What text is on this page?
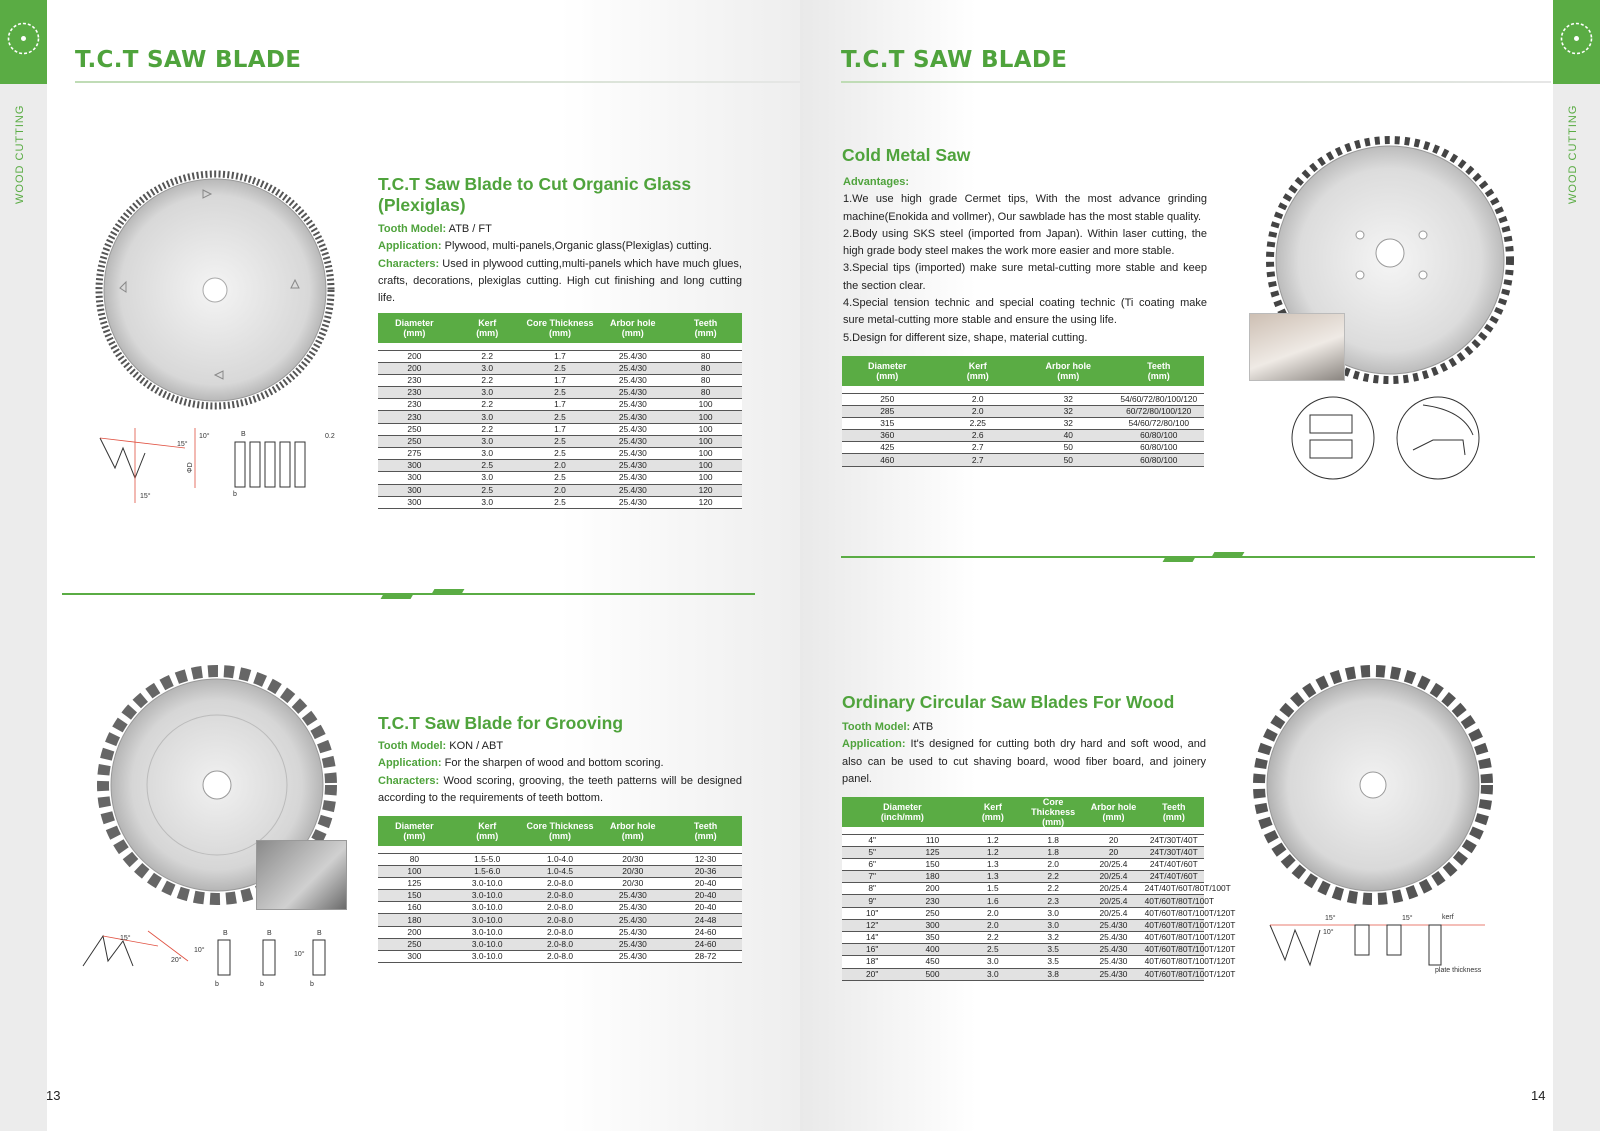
WOOD CUTTING
T.C.T SAW BLADE
15°
15°
10°
ΦD
B	0.2
b
T.C.T Saw Blade to Cut Organic Glass
(Plexiglas)
Tooth Model: ATB / FT
Application: Plywood, multi-panels,Organic glass(Plexiglas) cutting.
Characters: Used in plywood cutting,multi-panels which have much glues, crafts, decorations, plexiglas cutting. High cut finishing and long cutting life.
Diameter
(mm)	Kerf
(mm)	Core Thickness
(mm)	Arbor hole
(mm)	Teeth
(mm)

200	2.2	1.7	25.4/30	80
200	3.0	2.5	25.4/30	80
230	2.2	1.7	25.4/30	80
230	3.0	2.5	25.4/30	80
230	2.2	1.7	25.4/30	100
230	3.0	2.5	25.4/30	100
250	2.2	1.7	25.4/30	100
250	3.0	2.5	25.4/30	100
275	3.0	2.5	25.4/30	100
300	2.5	2.0	25.4/30	100
300	3.0	2.5	25.4/30	100
300	2.5	2.0	25.4/30	120
300	3.0	2.5	25.4/30	120
15°
20°
10°
B
b
B
b
B
10°
b
T.C.T Saw Blade for Grooving
Tooth Model: KON / ABT
Application: For the sharpen of wood and bottom scoring.
Characters: Wood scoring, grooving, the teeth patterns will be designed according to the requirements of teeth bottom.
Diameter
(mm)	Kerf
(mm)	Core Thickness
(mm)	Arbor hole
(mm)	Teeth
(mm)

80	1.5-5.0	1.0-4.0	20/30	12-30
100	1.5-6.0	1.0-4.5	20/30	20-36
125	3.0-10.0	2.0-8.0	20/30	20-40
150	3.0-10.0	2.0-8.0	25.4/30	20-40
160	3.0-10.0	2.0-8.0	25.4/30	20-40
180	3.0-10.0	2.0-8.0	25.4/30	24-48
200	3.0-10.0	2.0-8.0	25.4/30	24-60
250	3.0-10.0	2.0-8.0	25.4/30	24-60
300	3.0-10.0	2.0-8.0	25.4/30	28-72
13
WOOD CUTTING
T.C.T SAW BLADE
Cold Metal Saw
Advantages:
1.We use high grade Cermet tips, With the most advance grinding machine(Enokida and vollmer), Our sawblade has the most stable quality.
2.Body using SKS steel (imported from Japan). Within laser cutting, the high grade body steel makes the work more easier and more stable.
3.Special tips (imported) make sure metal-cutting more stable and keep the section clear.
4.Special tension technic and special coating technic (Ti coating make sure metal-cutting more stable and ensure the using life.
5.Design for different size, shape, material cutting.
Diameter
(mm)	Kerf
(mm)	Arbor hole
(mm)	Teeth
(mm)

250	2.0	32	54/60/72/80/100/120
285	2.0	32	60/72/80/100/120
315	2.25	32	54/60/72/80/100
360	2.6	40	60/80/100
425	2.7	50	60/80/100
460	2.7	50	60/80/100
Ordinary Circular Saw Blades For Wood
Tooth Model: ATB
Application: It's designed for cutting both dry hard and soft wood, and also can be used to cut shaving board, wood fiber board, and joinery panel.
Diameter
(inch/mm)		Kerf
(mm)	Core Thickness
(mm)	Arbor hole
(mm)	Teeth
(mm)

4"	110	1.2	1.8	20	24T/30T/40T
5"	125	1.2	1.8	20	24T/30T/40T
6"	150	1.3	2.0	20/25.4	24T/40T/60T
7"	180	1.3	2.2	20/25.4	24T/40T/60T
8"	200	1.5	2.2	20/25.4	24T/40T/60T/80T/100T
9"	230	1.6	2.3	20/25.4	40T/60T/80T/100T
10"	250	2.0	3.0	20/25.4	40T/60T/80T/100T/120T
12"	300	2.0	3.0	25.4/30	40T/60T/80T/100T/120T
14"	350	2.2	3.2	25.4/30	40T/60T/80T/100T/120T
16"	400	2.5	3.5	25.4/30	40T/60T/80T/100T/120T
18"	450	3.0	3.5	25.4/30	40T/60T/80T/100T/120T
20"	500	3.0	3.8	25.4/30	40T/60T/80T/100T/120T
15°
10°
15°	kerf
plate thickness
14
